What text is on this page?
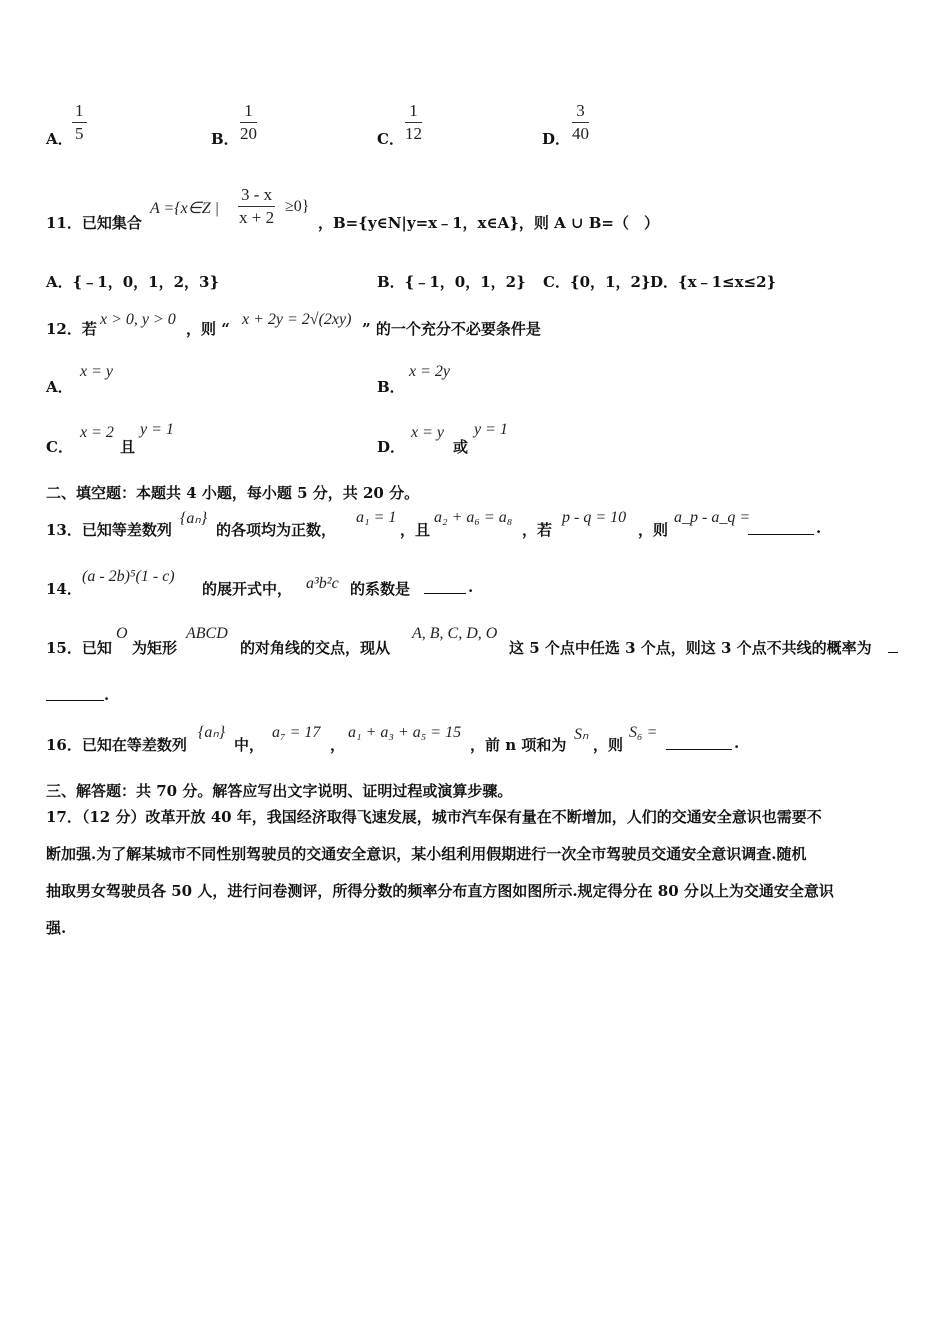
A． $\frac{1}{5}$	B． $\frac{1}{20}$	C． $\frac{1}{12}$	D． $\frac{3}{40}$
11．已知集合
A ={x∈Z | $\frac{3 - x}{x + 2} \ge 0$}
，B={y∈N|y=x﹣1，x∈A}，则 A ∪ B=（　）
A．{﹣1，0，1，2，3}	B．{﹣1，0，1，2} C．{0，1，2} D．{x﹣1≤x≤2}
12．若
x > 0, y > 0
，则 “
x + 2y = 2√(2xy)
” 的一个充分不必要条件是
A．
x = y
B．
x = 2y
C．
x = 2
且
y = 1
D．
x = y
或
y = 1
二、填空题：本题共 4 小题，每小题 5 分，共 20 分。
13．已知等差数列
{aₙ}
的各项均为正数，
a₁ = 1
，且
a₂ + a₆ = a₈
，若
p - q = 10
，则
a_p - a_q =
.
14．
(a - 2b)⁵(1 - c)
的展开式中， a³b²c 的系数是	.
15．已知
O
为矩形
ABCD
的对角线的交点，现从
A, B, C, D, O
这 5 个点中任选 3 个点，则这 3 个点不共线的概率为
.
16．已知在等差数列
{aₙ}
中，
a₇ = 17
，
a₁ + a₃ + a₅ = 15
，前 n 项和为
Sₙ
，则
S₆ =
.
三、解答题：共 70 分。解答应写出文字说明、证明过程或演算步骤。
17．（12 分）改革开放 40 年，我国经济取得飞速发展，城市汽车保有量在不断增加，人们的交通安全意识也需要不
断加强.为了解某城市不同性别驾驶员的交通安全意识，某小组利用假期进行一次全市驾驶员交通安全意识调查.随机
抽取男女驾驶员各 50 人，进行问卷测评，所得分数的频率分布直方图如图所示.规定得分在 80 分以上为交通安全意识
强.
